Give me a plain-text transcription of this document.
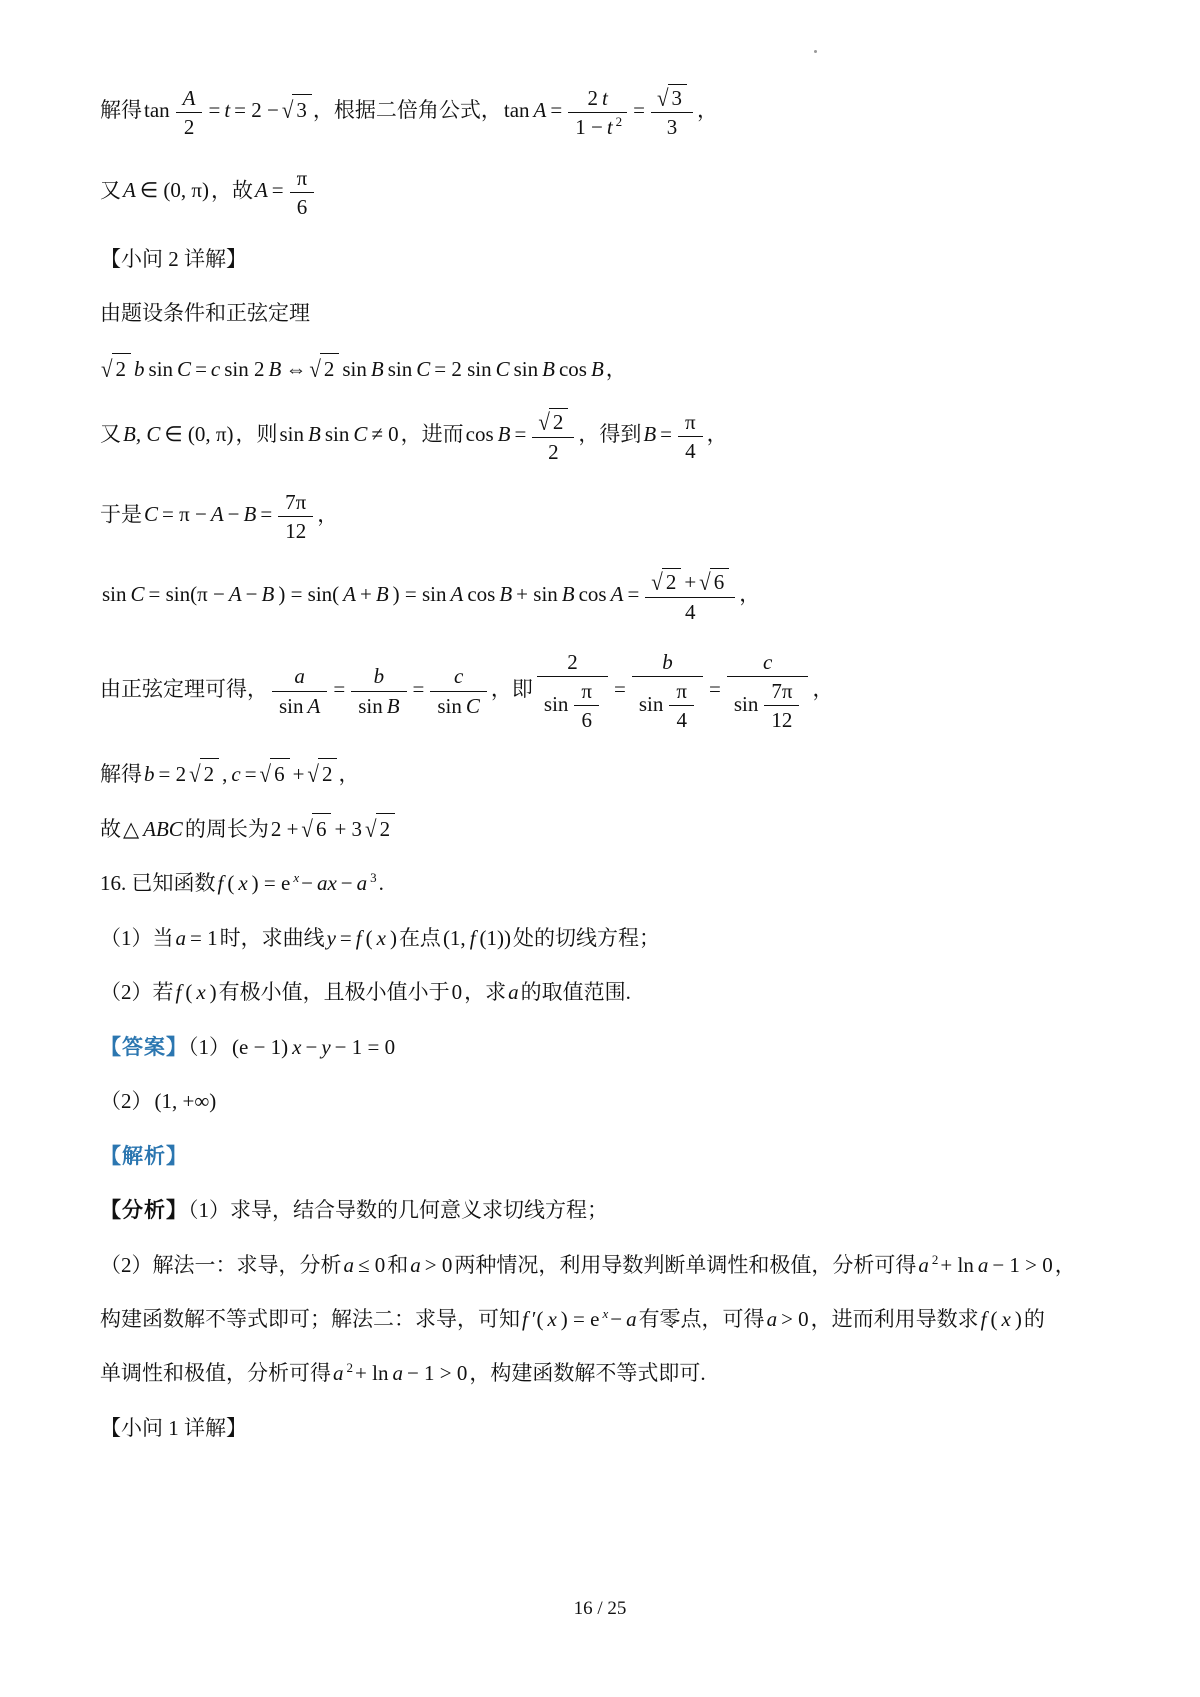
解得$\tan \frac{A}{2} = t = 2$ − √ 3 ，根据二倍角公式，$\tan A = \frac{2 t}{1 - t ^2} = \frac{√ 3}{3}$ ，
又A ∈ (0, π)，故$A = \frac{\pi}{6}$
【小问 2 详解】
由题设条件和正弦定理
√ 2 b sin C = c sin 2 B ⇔ √ 2 sin B sin C = 2 sin C sin B cos B，
又B, C ∈ (0, π)，则sin B sin C ≠ 0，进而$\cos B = \frac{√ 2}{2}$ ，得到$B = \frac{\pi}{4}$ ，
于是$C = \pi - A - B = \frac{7\pi}{12}$ ，
sin C = sin(π − A − B ) = sin( A + B ) = sin A cos B + sin B $\cos A = \frac{√ 2 + √ 6}{4}$ ，
由正弦定理可得， $\frac{a}{\text{sin A}} = \frac{b}{\text{sin B}} = \frac{c}{\text{sin C}}$ ，即 $\frac{2}{\sin \frac{\pi}{6}} = \frac{b}{\sin \frac{\pi}{4}} = \frac{c}{\sin \frac{7\pi}{12}}$ ，
解得b = 2 √ 2 , c = √ 6 + √ 2 ，
故△ ABC的周长为2 + √ 6 + 3 √ 2
16. 已知函数f ( x ) = e $^x$− ax − a $^3$.
（1）当a = 1时，求曲线y = f ( x )在点(1, f (1))处的切线方程；
（2）若f ( x )有极小值，且极小值小于0，求a的取值范围.
【答案】（1）(e − 1) x − y − 1 = 0
（2）(1, +∞)
【解析】
【分析】（1）求导，结合导数的几何意义求切线方程；
（2）解法一：求导，分析a ≤ 0和a > 0两种情况，利用导数判断单调性和极值，分析可得a $^2$+ ln a − 1 > 0，
构建函数解不等式即可；解法二：求导，可知f ′( x ) = e $^x$− a有零点，可得a > 0，进而利用导数求f ( x )的
单调性和极值，分析可得a $^2$+ ln a − 1 > 0，构建函数解不等式即可.
【小问 1 详解】
16 / 25
